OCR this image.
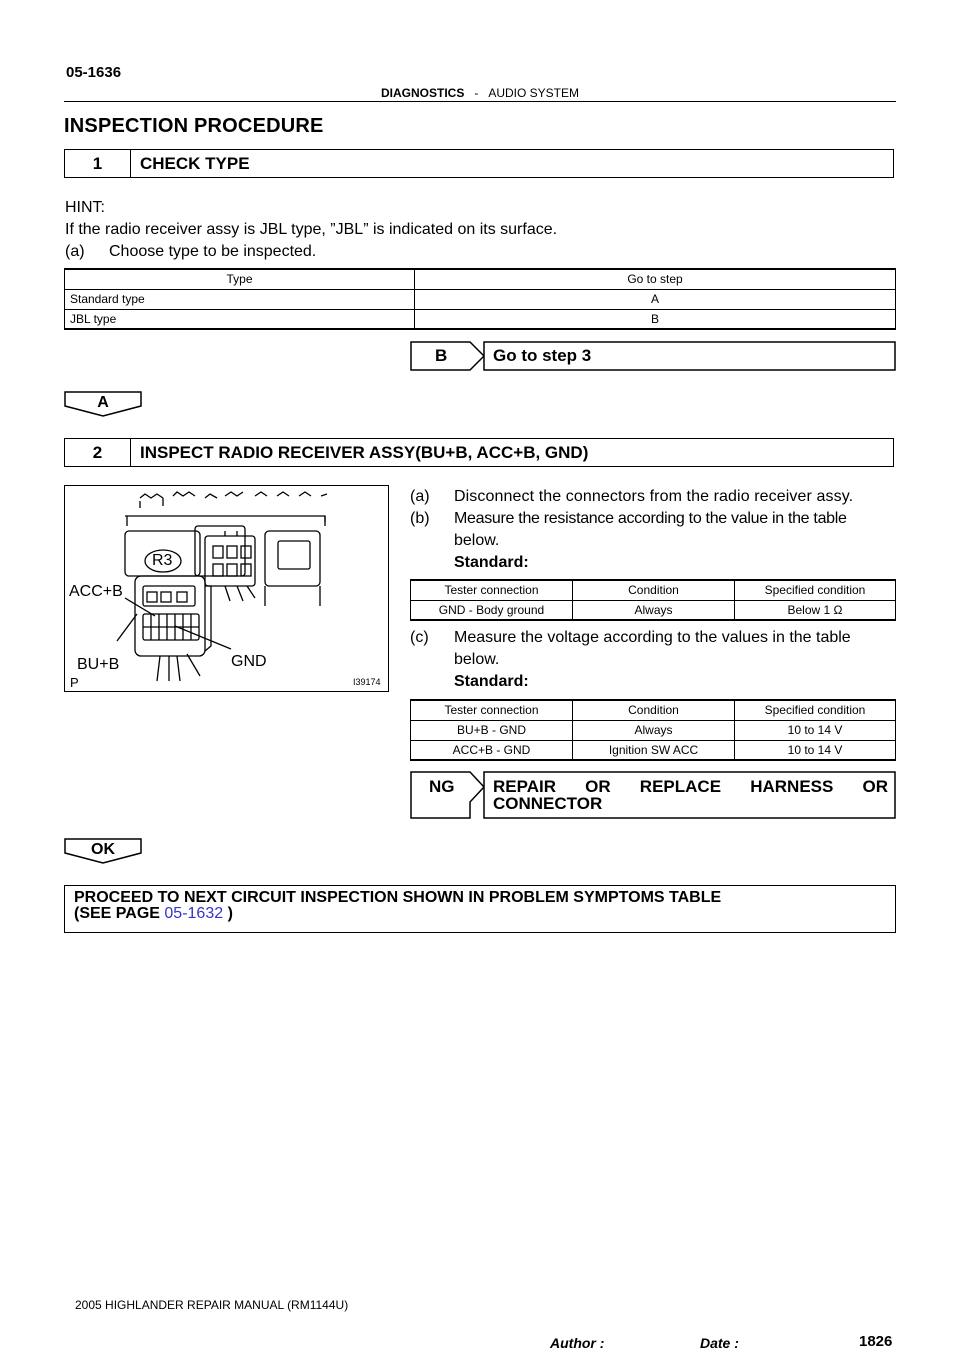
05-1636
DIAGNOSTICS - AUDIO SYSTEM
INSPECTION PROCEDURE
1	CHECK TYPE
HINT:
If the radio receiver assy is JBL type, ”JBL” is indicated on its surface.
(a) Choose type to be inspected.
Type	Go to step
Standard type	A
JBL type	B
B	Go to step 3
A
2	INSPECT RADIO RECEIVER ASSY(BU+B, ACC+B, GND)
R3
ACC+B
BU+B	GND
P	I39174
(a) Disconnect the connectors from the radio receiver assy.
(b) Measure the resistance according to the value in the table
below.
Standard:
Tester connection	Condition	Specified condition
GND - Body ground	Always	Below 1 Ω
(c) Measure the voltage according to the values in the table
below.
Standard:
Tester connection	Condition	Specified condition
BU+B - GND	Always	10 to 14 V
ACC+B - GND	Ignition SW ACC	10 to 14 V
NG REPAIR OR REPLACE HARNESS OR
CONNECTOR
OK
PROCEED TO NEXT CIRCUIT INSPECTION SHOWN IN PROBLEM SYMPTOMS TABLE
(SEE PAGE 05-1632 )
2005 HIGHLANDER REPAIR MANUAL (RM1144U)
Author :	Date :	1826
